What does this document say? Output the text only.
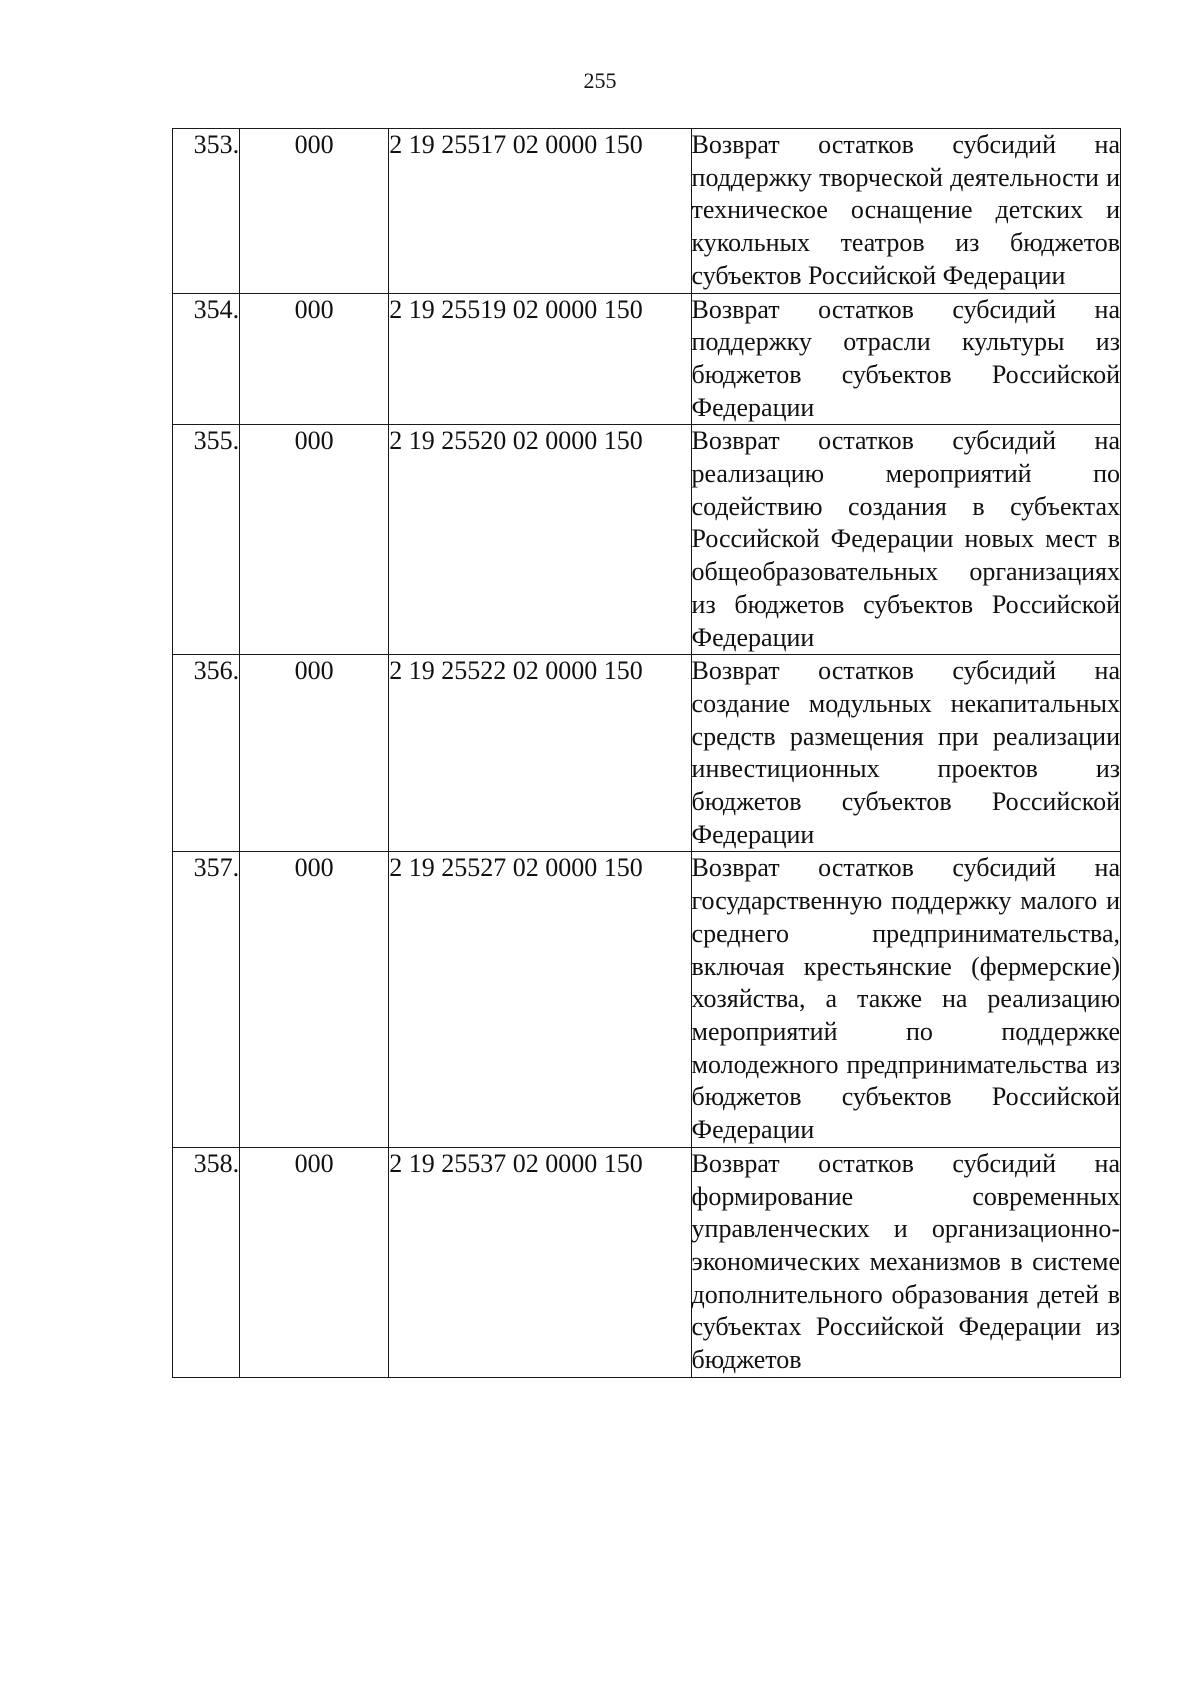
255
353.	000	2 19 25517 02 0000 150	Возврат остатков субсидий на поддержку творческой деятельности и техническое оснащение детских и кукольных театров из бюджетов субъектов Российской Федерации
354.	000	2 19 25519 02 0000 150	Возврат остатков субсидий на поддержку отрасли культуры из бюджетов субъектов Российской Федерации
355.	000	2 19 25520 02 0000 150	Возврат остатков субсидий на реализацию мероприятий по содействию создания в субъектах Российской Федерации новых мест в общеобразовательных организациях из бюджетов субъектов Российской Федерации
356.	000	2 19 25522 02 0000 150	Возврат остатков субсидий на создание модульных некапитальных средств размещения при реализации инвестиционных проектов из бюджетов субъектов Российской Федерации
357.	000	2 19 25527 02 0000 150	Возврат остатков субсидий на государственную поддержку малого и среднего предпринимательства, включая крестьянские (фермерские) хозяйства, а также на реализацию мероприятий по поддержке молодежного предпринимательства из бюджетов субъектов Российской Федерации
358.	000	2 19 25537 02 0000 150	Возврат остатков субсидий на формирование современных управленческих и организационно-экономических механизмов в системе дополнительного образования детей в субъектах Российской Федерации из бюджетов
